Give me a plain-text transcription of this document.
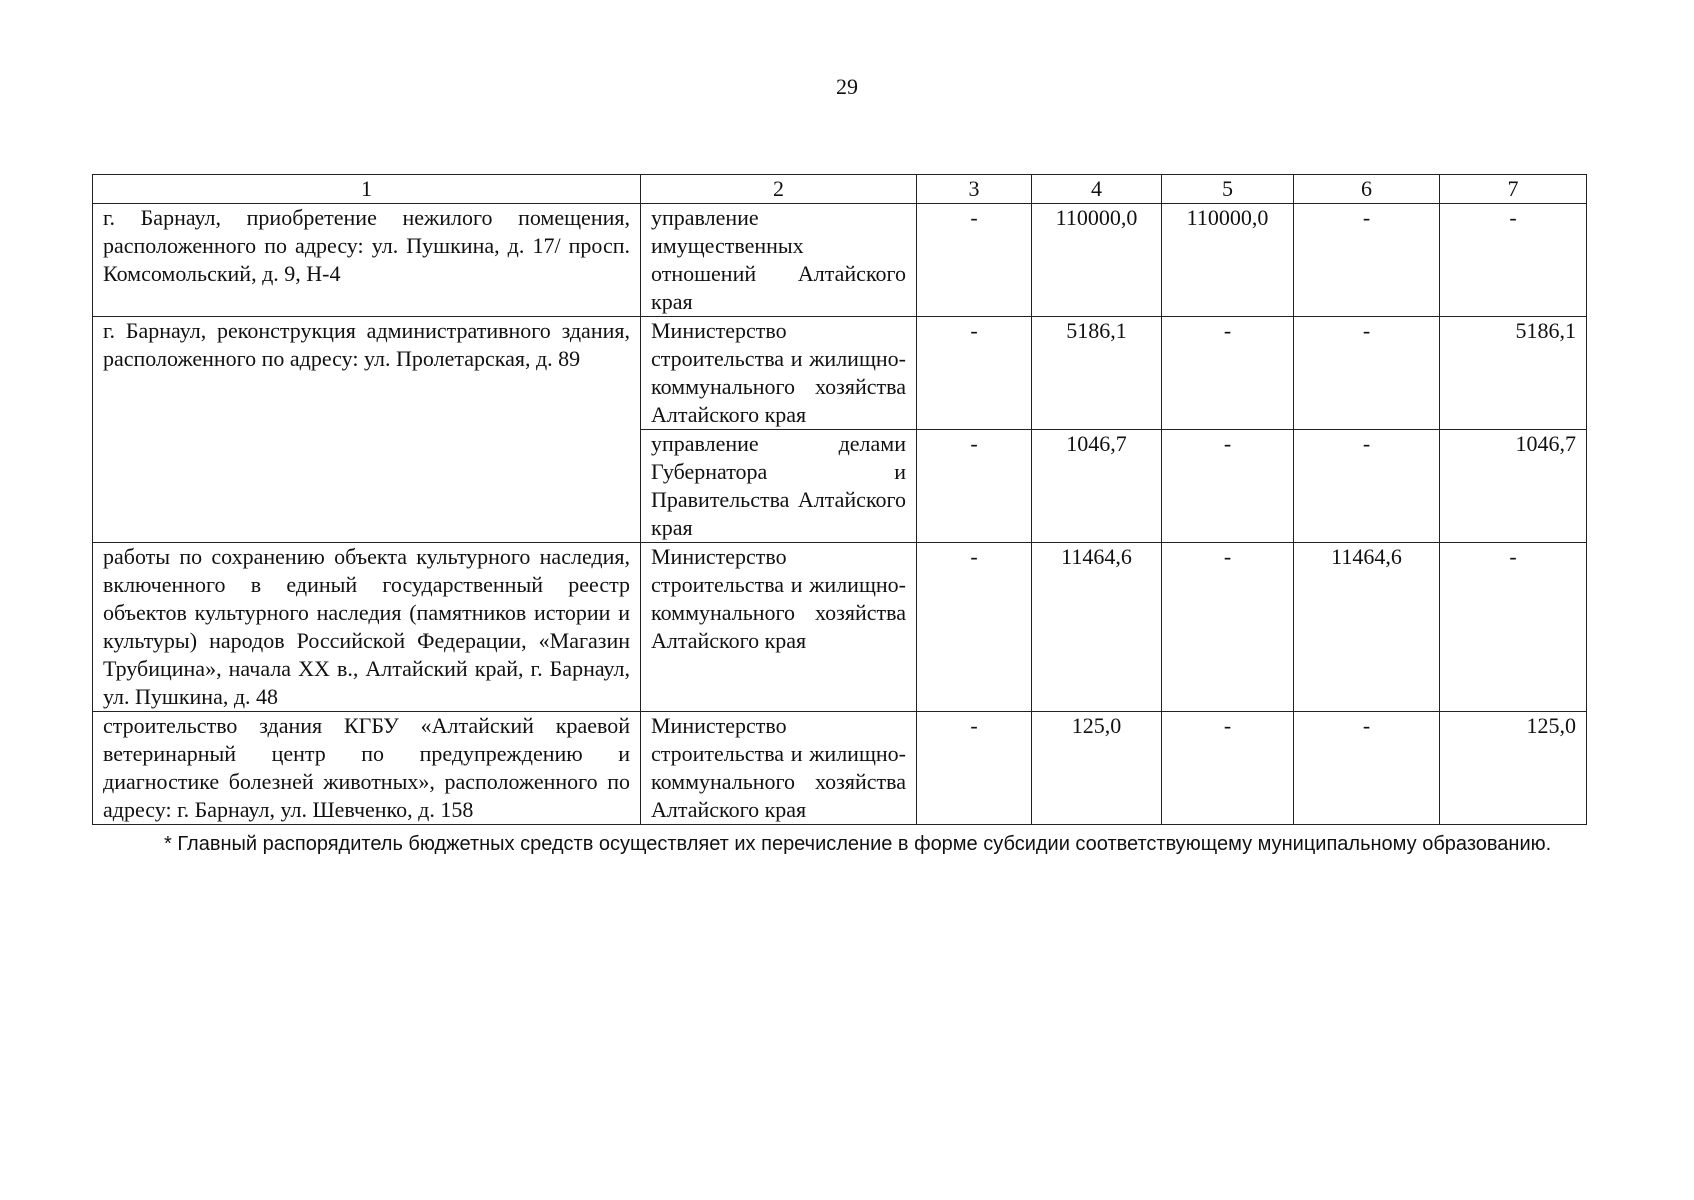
29
1	2	3	4	5	6	7
г. Барнаул, приобретение нежилого помещения, расположенного по адресу: ул. Пушкина, д. 17/ просп. Комсомольский, д. 9, Н-4	управление имущественных отношений Алтайского края	-	110000,0	110000,0	-	-
г. Барнаул, реконструкция административного здания, расположенного по адресу: ул. Пролетарская, д. 89	Министерство строительства и жилищно-коммунального хозяйства Алтайского края	-	5186,1	-	-	5186,1
	управление делами Губернатора и Правительства Алтайского края	-	1046,7	-	-	1046,7
работы по сохранению объекта культурного наследия, включенного в единый государственный реестр объектов культурного наследия (памятников истории и культуры) народов Российской Федерации, «Магазин Трубицина», начала XX в., Алтайский край, г. Барнаул, ул. Пушкина, д. 48	Министерство строительства и жилищно-коммунального хозяйства Алтайского края	-	11464,6	-	11464,6	-
строительство здания КГБУ «Алтайский краевой ветеринарный центр по предупреждению и диагностике болезней животных», расположенного по адресу: г. Барнаул, ул. Шевченко, д. 158	Министерство строительства и жилищно-коммунального хозяйства Алтайского края	-	125,0	-	-	125,0
* Главный распорядитель бюджетных средств осуществляет их перечисление в форме субсидии соответствующему муниципальному образованию.
